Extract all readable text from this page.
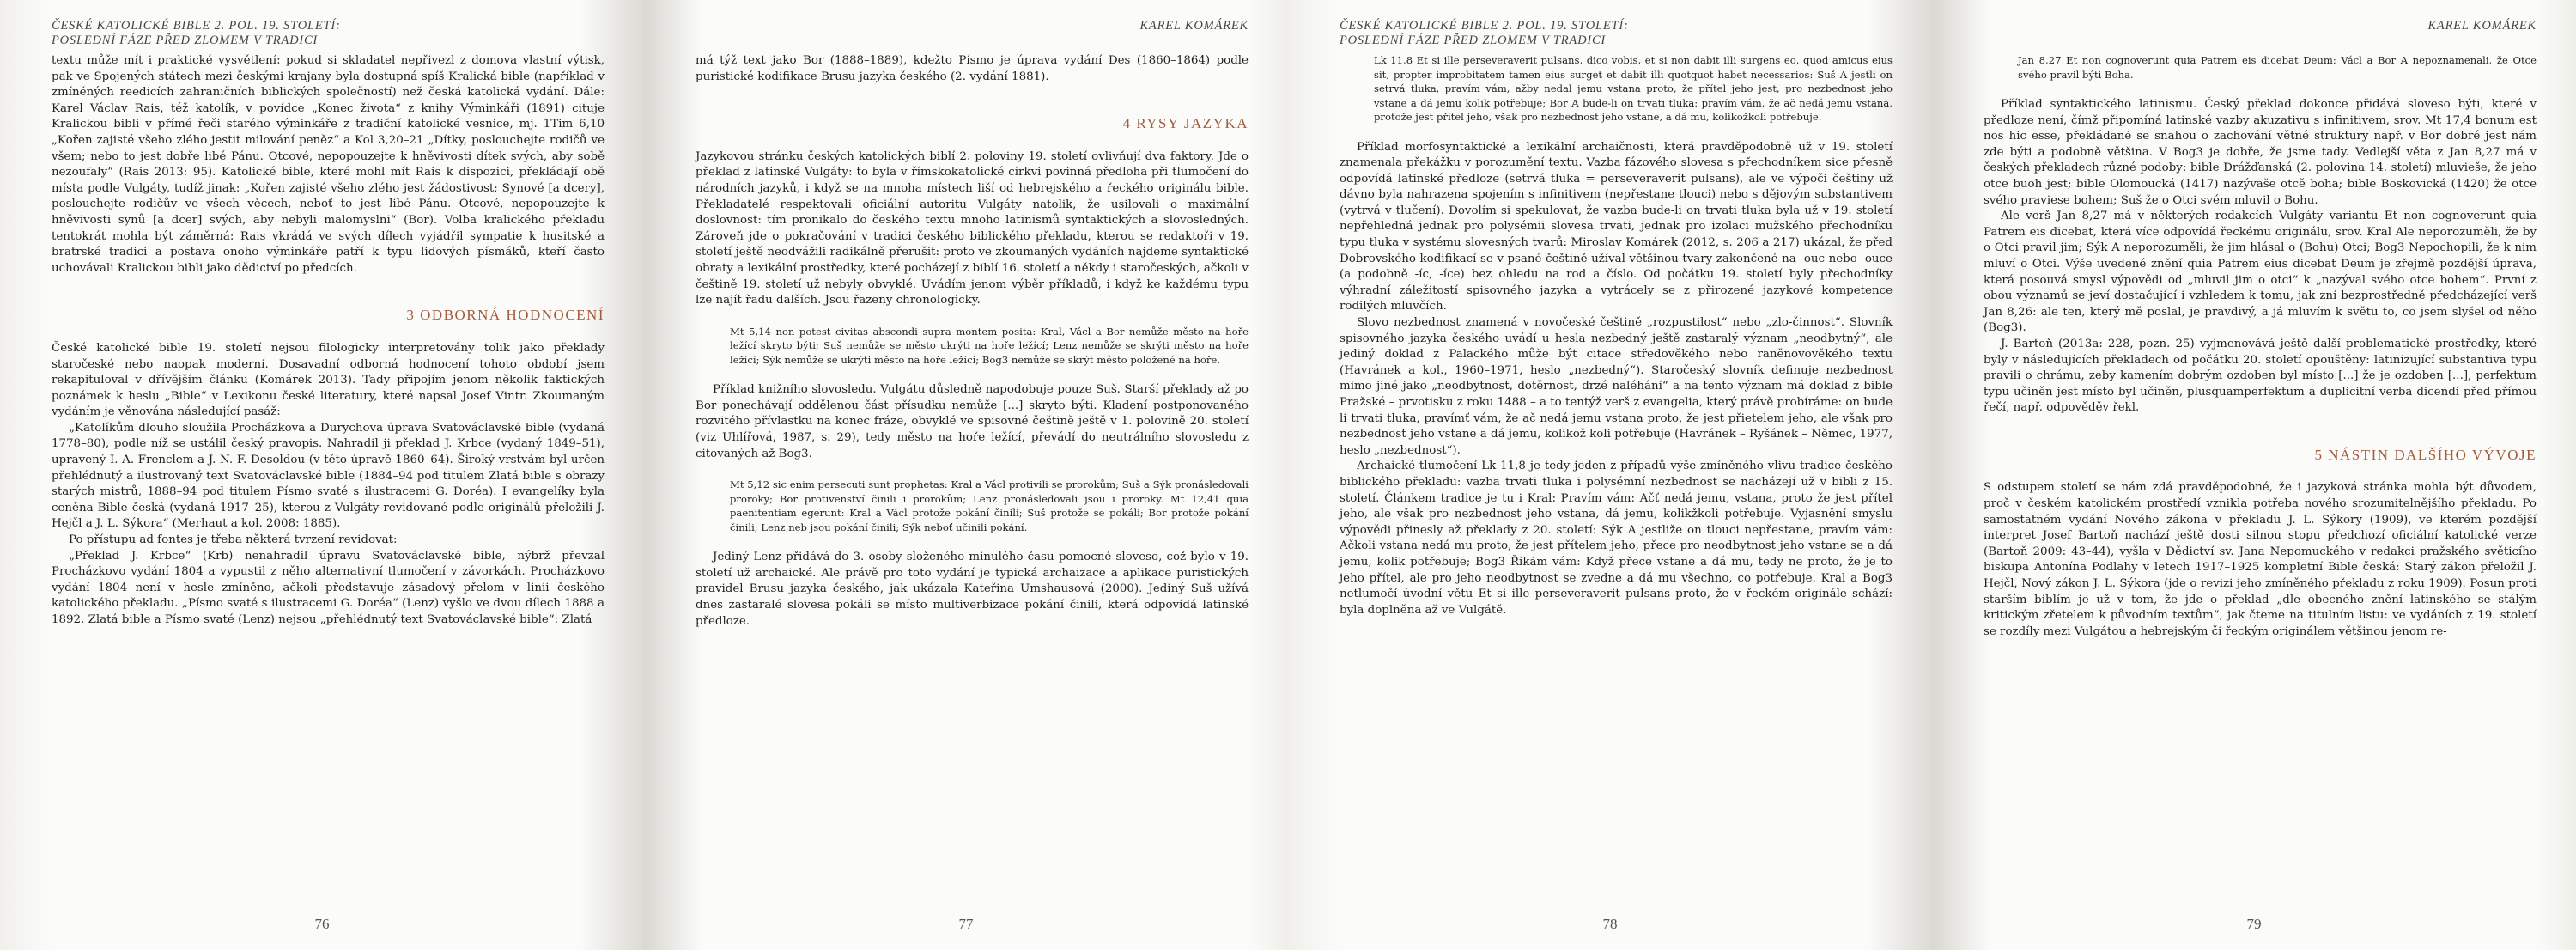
ČESKÉ KATOLICKÉ BIBLE 2. POL. 19. STOLETÍ:
POSLEDNÍ FÁZE PŘED ZLOMEM V TRADICI

textu může mít i praktické vysvětlení: pokud si skladatel nepřivezl z domova vlastní výtisk, pak ve Spojených státech mezi českými krajany byla dostupná spíš Kralická bible (například v zmíněných reedicích zahraničních biblických společností) než česká katolická vydání. Dále: Karel Václav Rais, též katolík, v povídce „Konec života“ z knihy Výminkáři (1891) cituje Kralickou bibli v přímé řeči starého výminkáře z tradiční katolické vesnice, mj. 1Tim 6,10 „Kořen zajisté všeho zlého jestit milování peněz“ a Kol 3,20–21 „Dítky, poslouchejte rodičů ve všem; nebo to jest dobře libé Pánu. Otcové, nepopouzejte k hněvivosti dítek svých, aby sobě nezoufaly“ (Rais 2013: 95). Katolické bible, které mohl mít Rais k dispozici, překládají obě místa podle Vulgáty, tudíž jinak: „Kořen zajisté všeho zlého jest žádostivost; Synové [a dcery], poslouchejte rodičův ve všech věcech, neboť to jest libé Pánu. Otcové, nepopouzejte k hněvivosti synů [a dcer] svých, aby nebyli malomyslni“ (Bor). Volba kralického překladu tentokrát mohla být záměrná: Rais vkrádá ve svých dílech vyjádřil sympatie k husitské a bratrské tradici a postava onoho výminkáře patří k typu lidových písmáků, kteří často uchovávali Kralickou bibli jako dědictví po předcích.

3 ODBORNÁ HODNOCENÍ

České katolické bible 19. století nejsou filologicky interpretovány tolik jako překlady staročeské nebo naopak moderní. Dosavadní odborná hodnocení tohoto období jsem rekapituloval v dřívějším článku (Komárek 2013). Tady připojím jenom několik faktických poznámek k heslu „Bible“ v Lexikonu české literatury, které napsal Josef Vintr. Zkoumaným vydáním je věnována následující pasáž:

„Katolíkům dlouho sloužila Procházkova a Durychova úprava Svatováclavské bible (vydaná 1778–80), podle níž se ustálil český pravopis. Nahradil ji překlad J. Krbce (vydaný 1849–51), upravený I. A. Frenclem a J. N. F. Desoldou (v této úpravě 1860–64). Široký vrstvám byl určen přehlédnutý a ilustrovaný text Svatováclavské bible (1884–94 pod titulem Zlatá bible s obrazy starých mistrů, 1888–94 pod titulem Písmo svaté s ilustracemi G. Doréa). I evangelíky byla ceněna Bible česká (vydaná 1917–25), kterou z Vulgáty revidované podle originálů přeložili J. Hejčl a J. L. Sýkora“ (Merhaut a kol. 2008: 1885).

Po přístupu ad fontes je třeba některá tvrzení revidovat:

„Překlad J. Krbce“ (Krb) nenahradil úpravu Svatováclavské bible, nýbrž převzal Procházkovo vydání 1804 a vypustil z něho alternativní tlumočení v závorkách. Procházkovo vydání 1804 není v hesle zmíněno, ačkoli představuje zásadový přelom v linii českého katolického překladu. „Písmo svaté s ilustracemi G. Doréa“ (Lenz) vyšlo ve dvou dílech 1888 a 1892. Zlatá bible a Písmo svaté (Lenz) nejsou „přehlédnutý text Svatováclavské bible“: Zlatá

76
KAREL KOMÁREK

má týž text jako Bor (1888–1889), kdežto Písmo je úprava vydání Des (1860–1864) podle puristické kodifikace Brusu jazyka českého (2. vydání 1881).

4 RYSY JAZYKA

Jazykovou stránku českých katolických biblí 2. poloviny 19. století ovlivňují dva faktory. Jde o překlad z latinské Vulgáty: to byla v římskokatolické církvi povinná předloha při tlumočení do národních jazyků, i když se na mnoha místech liší od hebrejského a řeckého originálu bible. Překladatelé respektovali oficiální autoritu Vulgáty natolik, že usilovali o maximální doslovnost: tím pronikalo do českého textu mnoho latinismů syntaktických a slovosledných. Zároveň jde o pokračování v tradici českého biblického překladu, kterou se redaktoři v 19. století ještě neodvážili radikálně přerušit: proto ve zkoumaných vydáních najdeme syntaktické obraty a lexikální prostředky, které pocházejí z biblí 16. století a někdy i staročeských, ačkoli v češtině 19. století už nebyly obvyklé. Uvádím jenom výběr příkladů, i když ke každému typu lze najít řadu dalších. Jsou řazeny chronologicky.

Mt 5,14 non potest civitas abscondi supra montem posita: Kral, Václ a Bor nemůže město na hoře ležící skryto býti; Suš nemůže se město ukrýti na hoře ležící; Lenz nemůže se skrýti město na hoře ležící; Sýk nemůže se ukrýti město na hoře ležící; Bog3 nemůže se skrýt město položené na hoře.

Příklad knižního slovosledu. Vulgátu důsledně napodobuje pouze Suš. Starší překlady až po Bor ponechávají oddělenou část přísudku nemůže [...] skryto býti. Kladení postponovaného rozvitého přívlastku na konec fráze, obvyklé ve spisovné češtině ještě v 1. polovině 20. století (viz Uhlířová, 1987, s. 29), tedy město na hoře ležící, převádí do neutrálního slovosledu z citovaných až Bog3.

Mt 5,12 sic enim persecuti sunt prophetas: Kral a Václ protivili se prorokům; Suš a Sýk pronásledovali proroky; Bor protivenství činili i prorokům; Lenz pronásledovali jsou i proroky. Mt 12,41 quia paenitentiam egerunt: Kral a Václ protože pokání činili; Suš protože se pokáli; Bor protože pokání činili; Lenz neb jsou pokání činili; Sýk neboť učinili pokání.

Jediný Lenz přidává do 3. osoby složeného minulého času pomocné sloveso, což bylo v 19. století už archaické. Ale právě pro toto vydání je typická archaizace a aplikace puristických pravidel Brusu jazyka českého, jak ukázala Kateřina Umshausová (2000). Jediný Suš užívá dnes zastaralé slovesa pokáli se místo multiverbizace pokání činili, která odpovídá latinské předloze.

77
ČESKÉ KATOLICKÉ BIBLE 2. POL. 19. STOLETÍ:
POSLEDNÍ FÁZE PŘED ZLOMEM V TRADICI
Lk 11,8 Et si ille perseveraverit pulsans, dico vobis, et si non dabit illi surgens eo, quod amicus eius sit, propter improbitatem tamen eius surget et dabit illi quotquot habet necessarios: Suš A jestli on setrvá tluka, pravím vám, ažby nedal jemu vstana proto, že přítel jeho jest, pro nezbednost jeho vstane a dá jemu kolik potřebuje; Bor A bude-li on trvati tluka: pravím vám, že ač nedá jemu vstana, protože jest přítel jeho, však pro nezbednost jeho vstane, a dá mu, kolikožkoli potřebuje.

Příklad morfosyntaktické a lexikální archaičnosti, která pravděpodobně už v 19. století znamenala překážku v porozumění textu. Vazba fázového slovesa s přechodníkem sice přesně odpovídá latinské předloze (setrvá tluka = perseveraverit pulsans), ale ve výpoči češtiny už dávno byla nahrazena spojením s infinitivem (nepřestane tlouci) nebo s dějovým substantivem (vytrvá v tlučení). Dovolím si spekulovat, že vazba bude-li on trvati tluka byla už v 19. století nepřehledná jednak pro polysémii slovesa trvati, jednak pro izolaci mužského přechodníku typu tluka v systému slovesných tvarů: Miroslav Komárek (2012, s. 206 a 217) ukázal, že před Dobrovského kodifikací se v psané češtině užíval většinou tvary zakončené na -ouc nebo -ouce (a podobně -íc, -íce) bez ohledu na rod a číslo. Od počátku 19. století byly přechodníky výhradní záležitostí spisovného jazyka a vytrácely se z přirozené jazykové kompetence rodilých mluvčích.

Slovo nezbednost znamená v novočeské češtině „rozpustilost“ nebo „zlo-činnost“. Slovník spisovného jazyka českého uvádí u hesla nezbedný ještě zastaralý význam „neodbytný“, ale jediný doklad z Palackého může být citace středověkého nebo raněnovověkého textu (Havránek a kol., 1960–1971, heslo „nezbedný“). Staročeský slovník definuje nezbednost mimo jiné jako „neodbytnost, dotěrnost, drzé naléhání“ a na tento význam má doklad z bible Pražské – prvotisku z roku 1488 – a to tentýž verš z evangelia, který právě probíráme: on bude li trvati tluka, pravímť vám, že ač nedá jemu vstana proto, že jest přietelem jeho, ale však pro nezbednost jeho vstane a dá jemu, kolikož koli potřebuje (Havránek – Ryšánek – Němec, 1977, heslo „nezbednost“).

Archaické tlumočení Lk 11,8 je tedy jeden z případů výše zmíněného vlivu tradice českého biblického překladu: vazba trvati tluka i polysémní nezbednost se nacházejí už v bibli z 15. století. Článkem tradice je tu i Kral: Pravím vám: Ačť nedá jemu, vstana, proto že jest přítel jeho, ale však pro nezbednost jeho vstana, dá jemu, kolikžkoli potřebuje. Vyjasnění smyslu výpovědi přinesly až překlady z 20. století: Sýk A jestliže on tlouci nepřestane, pravím vám: Ačkoli vstana nedá mu proto, že jest přítelem jeho, přece pro neodbytnost jeho vstane se a dá jemu, kolik potřebuje; Bog3 Říkám vám: Když přece vstane a dá mu, tedy ne proto, že je to jeho přítel, ale pro jeho neodbytnost se zvedne a dá mu všechno, co potřebuje. Kral a Bog3 netlumočí úvodní větu Et si ille perseveraverit pulsans proto, že v řeckém originále schází: byla doplněna až ve Vulgátě.

78
KAREL KOMÁREK
Jan 8,27 Et non cognoverunt quia Patrem eis dicebat Deum: Václ a Bor A nepoznamenali, že Otce svého pravil býti Boha.

Příklad syntaktického latinismu. Český překlad dokonce přidává sloveso býti, které v předloze není, čímž připomíná latinské vazby akuzativu s infinitivem, srov. Mt 17,4 bonum est nos hic esse, překládané se snahou o zachování větné struktury např. v Bor dobré jest nám zde býti a podobně většina. V Bog3 je dobře, že jsme tady. Vedlejší věta z Jan 8,27 má v českých překladech různé podoby: bible Drážďanská (2. polovina 14. století) mluvieše, že jeho otce buoh jest; bible Olomoucká (1417) nazývaše otcě boha; bible Boskovická (1420) že otce svého praviese bohem; Suš že o Otci svém mluvil o Bohu.

Ale verš Jan 8,27 má v některých redakcích Vulgáty variantu Et non cognoverunt quia Patrem eis dicebat, která více odpovídá řeckému originálu, srov. Kral Ale neporozuměli, že by o Otci pravil jim; Sýk A neporozuměli, že jim hlásal o (Bohu) Otci; Bog3 Nepochopili, že k nim mluví o Otci. Výše uvedené znění quia Patrem eius dicebat Deum je zřejmě pozdější úprava, která posouvá smysl výpovědi od „mluvil jim o otci“ k „nazýval svého otce bohem“. První z obou významů se jeví dostačující i vzhledem k tomu, jak zní bezprostředně předcházející verš Jan 8,26: ale ten, který mě poslal, je pravdivý, a já mluvím k světu to, co jsem slyšel od něho (Bog3).

J. Bartoň (2013a: 228, pozn. 25) vyjmenovává ještě další problematické prostředky, které byly v následujících překladech od počátku 20. století opouštěny: latinizující substantiva typu pravili o chrámu, zeby kamením dobrým ozdoben byl místo [...] že je ozdoben [...], perfektum typu učiněn jest místo byl učiněn, plusquamperfektum a duplicitní verba dicendi před přímou řečí, např. odpověděv řekl.

5 NÁSTIN DALŠÍHO VÝVOJE

S odstupem století se nám zdá pravděpodobné, že i jazyková stránka mohla být důvodem, proč v českém katolickém prostředí vznikla potřeba nového srozumitelnějšího překladu. Po samostatném vydání Nového zákona v překladu J. L. Sýkory (1909), ve kterém pozdější interpret Josef Bartoň nachází ještě dosti silnou stopu předchozí oficiální katolické verze (Bartoň 2009: 43–44), vyšla v Dědictví sv. Jana Nepomuckého v redakci pražského světicího biskupa Antonína Podlahy v letech 1917–1925 kompletní Bible česká: Starý zákon přeložil J. Hejčl, Nový zákon J. L. Sýkora (jde o revizi jeho zmíněného překladu z roku 1909). Posun proti starším biblím je už v tom, že jde o překlad „dle obecného znění latinského se stálým kritickým zřetelem k původním textům“, jak čteme na titulním listu: ve vydáních z 19. století se rozdíly mezi Vulgátou a hebrejským či řeckým originálem většinou jenom re-

79
